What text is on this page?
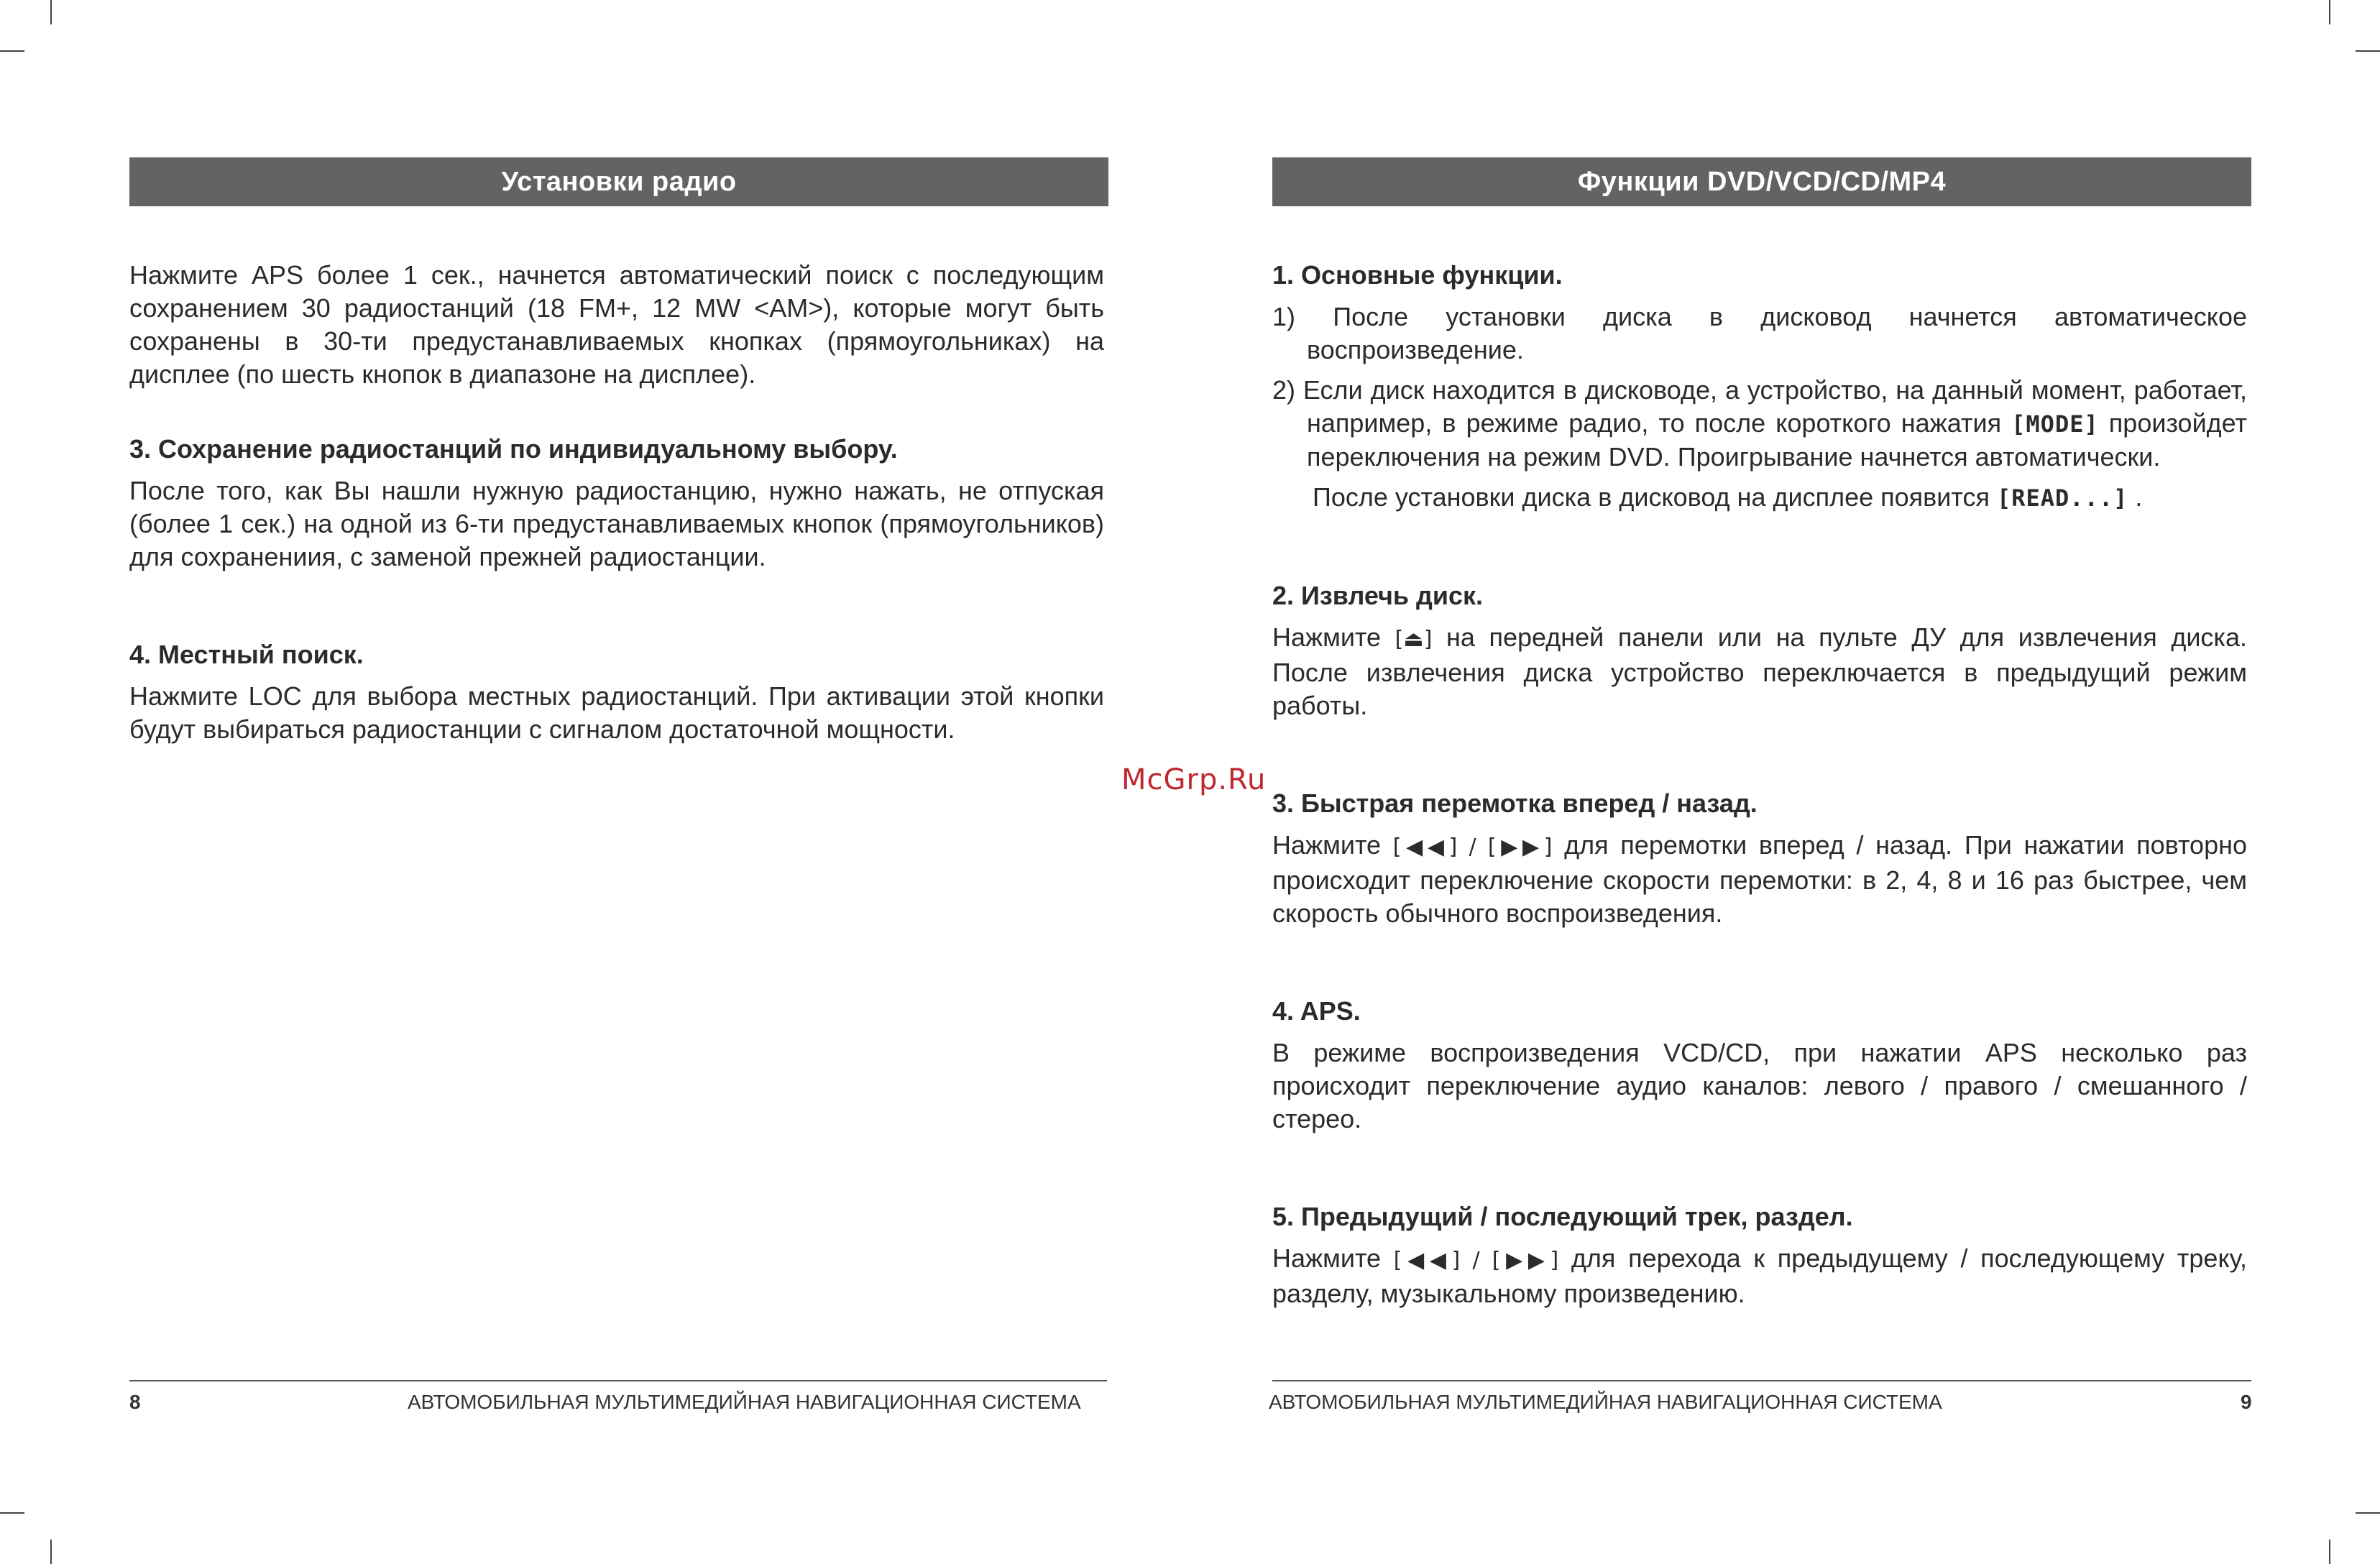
Установки радио

Нажмите APS более 1 сек., начнется автоматический поиск с последующим сохранением 30 радиостанций (18 FM+, 12 MW <AM>), которые могут быть сохранены в 30-ти предустанавливаемых кнопках (прямоугольниках) на дисплее (по шесть кнопок в диапазоне на дисплее).

3. Сохранение радиостанций по индивидуальному выбору.

После того, как Вы нашли нужную радиостанцию, нужно нажать, не отпуская (более 1 сек.) на одной из 6-ти предустанавливаемых кнопок (прямоугольников) для сохранениия, с заменой прежней радиостанции.

4. Местный поиск.

Нажмите LOC для выбора местных радиостанций. При активации этой кнопки будут выбираться радиостанции с сигналом достаточной мощности.

8	АВТОМОБИЛЬНАЯ МУЛЬТИМЕДИЙНАЯ НАВИГАЦИОННАЯ СИСТЕМА
Функции DVD/VCD/CD/MP4

1. Основные функции.

1) После установки диска в дисковод начнется автоматическое воспроизведение.

2) Если диск находится в дисководе, а устройство, на данный момент, работает, например, в режиме радио, то после короткого нажатия [MODE] произойдет переключения на режим DVD. Проигрывание начнется автоматически.

После установки диска в дисковод на дисплее появится [READ...] .

2. Извлечь диск.

Нажмите [⏏] на передней панели или на пульте ДУ для извлечения диска. После извлечения диска устройство переключается в предыдущий режим работы.

3. Быстрая перемотка вперед / назад.

Нажмите [◀◀] / [▶▶] для перемотки вперед / назад. При нажатии повторно происходит переключение скорости перемотки: в 2, 4, 8 и 16 раз быстрее, чем скорость обычного воспроизведения.

4. APS.

В режиме воспроизведения VCD/CD, при нажатии APS несколько раз происходит переключение аудио каналов: левого / правого / смешанного / стерео.

5. Предыдущий / последующий трек, раздел.

Нажмите [◀◀] / [▶▶] для перехода к предыдущему / последующему треку, разделу, музыкальному произведению.

АВТОМОБИЛЬНАЯ МУЛЬТИМЕДИЙНАЯ НАВИГАЦИОННАЯ СИСТЕМА	9
McGrp.Ru
